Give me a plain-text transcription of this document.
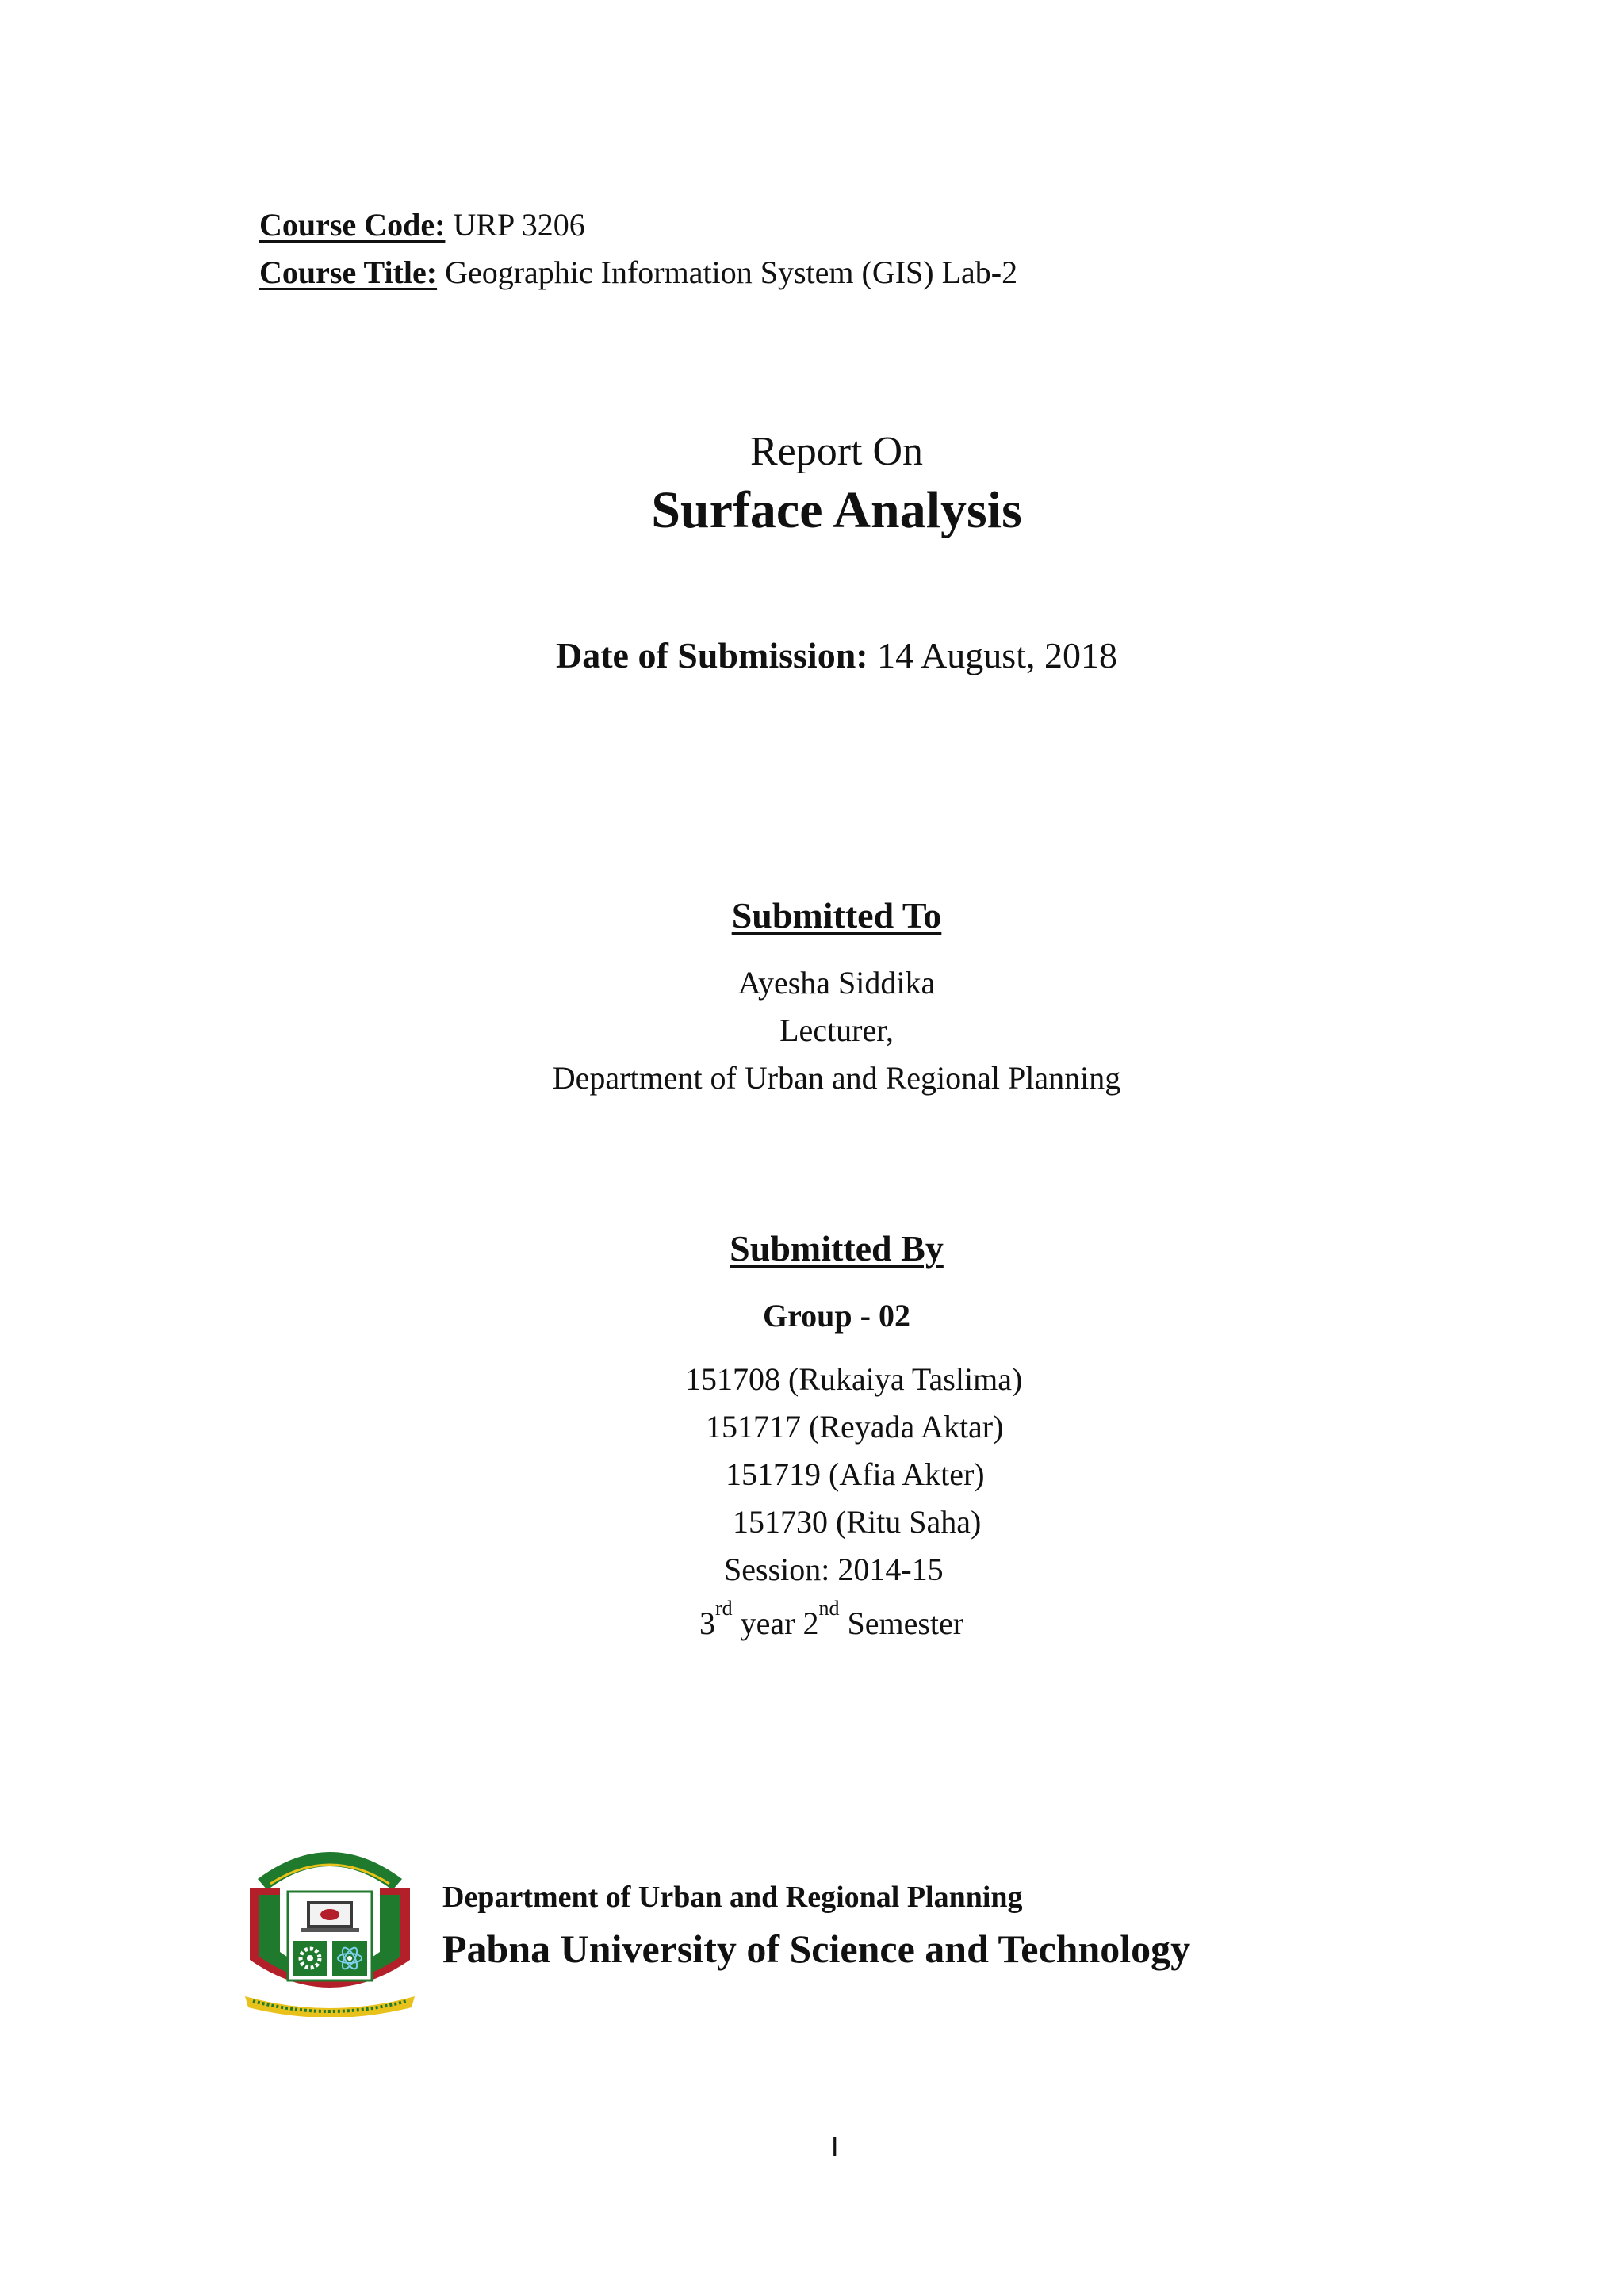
Course Code: URP 3206
Course Title: Geographic Information System (GIS) Lab-2
Report On
Surface Analysis
Date of Submission: 14 August, 2018
Submitted To
Ayesha Siddika
Lecturer,
Department of Urban and Regional Planning
Submitted By
Group - 02
151708 (Rukaiya Taslima)
151717 (Reyada Aktar)
151719 (Afia Akter)
151730 (Ritu Saha)
Session: 2014-15
3rd year 2nd Semester
Department of Urban and Regional Planning
Pabna University of Science and Technology
I
